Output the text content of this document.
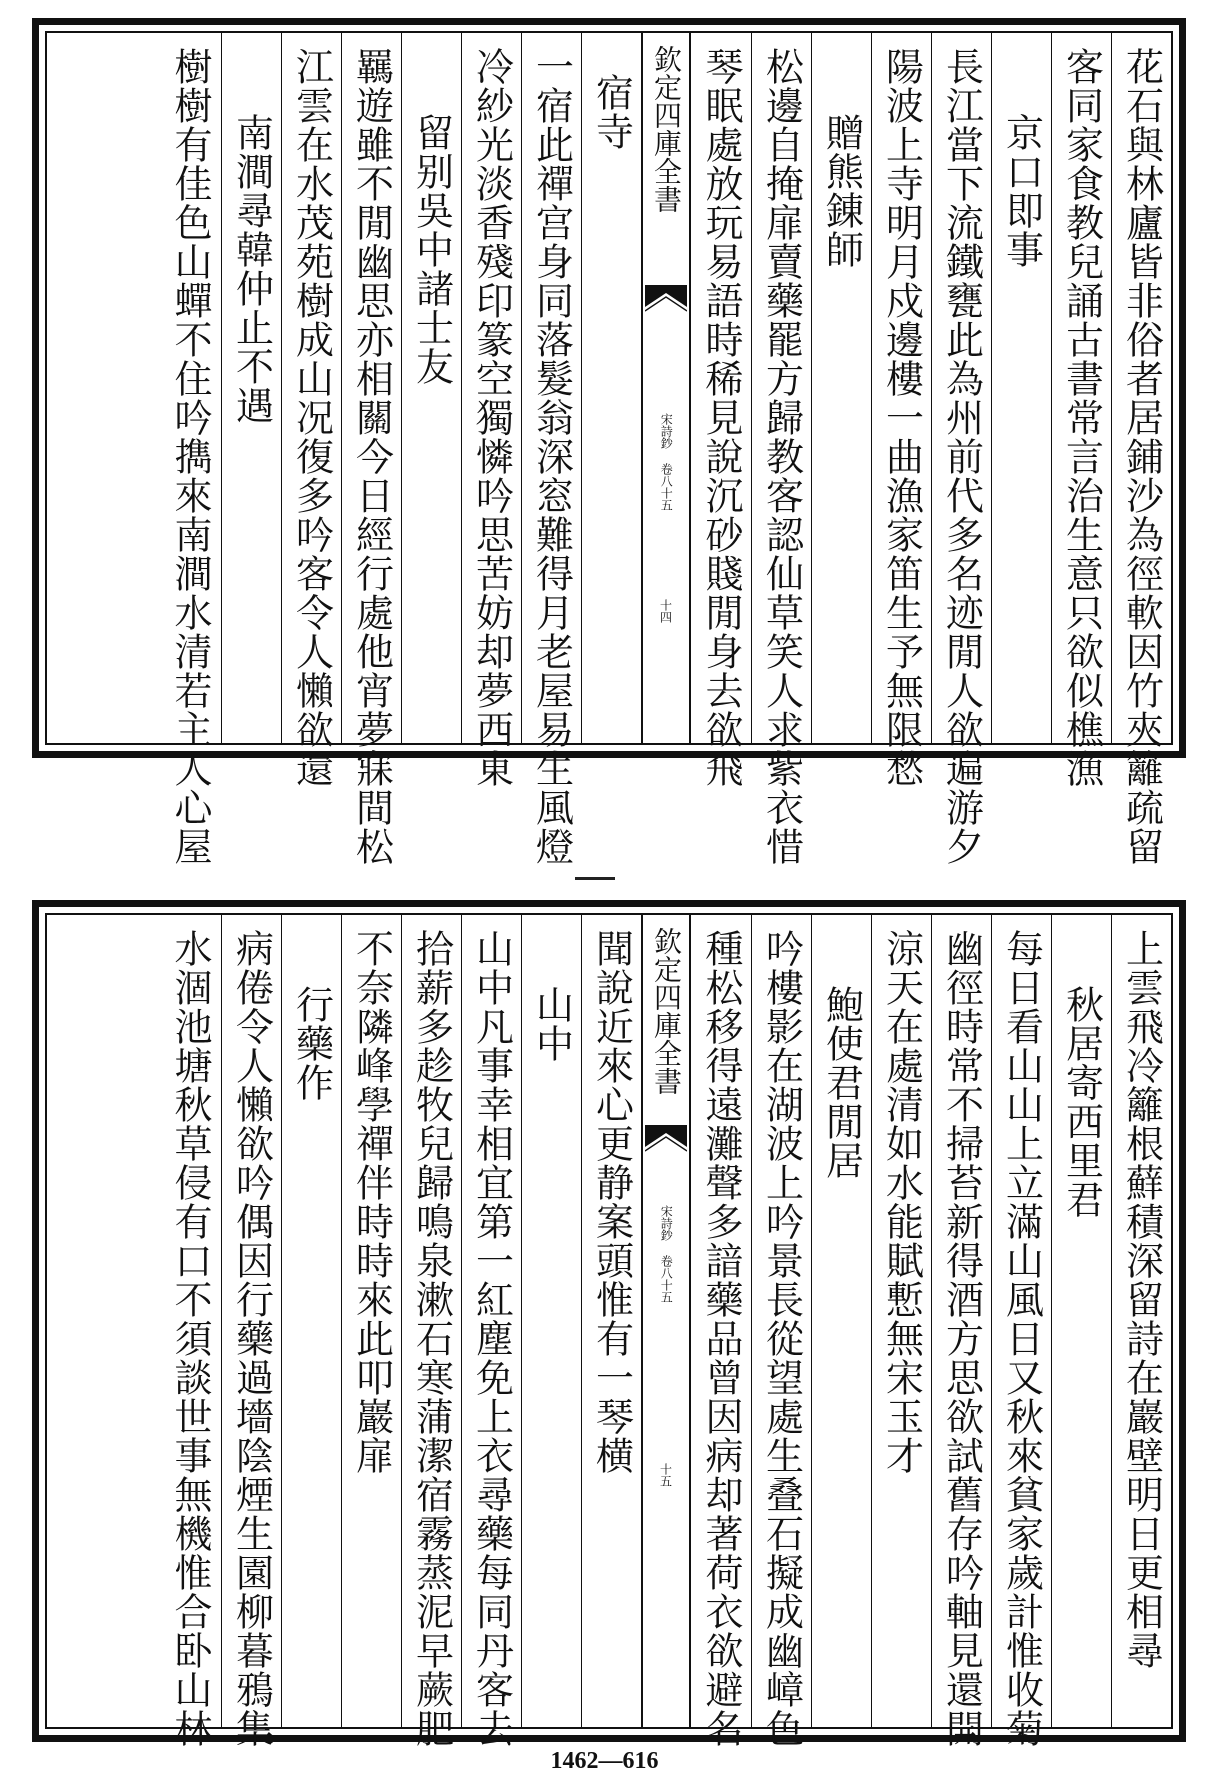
花石與林廬皆非俗者居鋪沙為徑軟因竹夾籬疏留
客同家食教兒誦古書常言治生意只欲似樵漁
京口即事
長江當下流鐵甕此為州前代多名迹閒人欲遍游夕
陽波上寺明月戍邊樓一曲漁家笛生予無限愁
贈熊錬師
松邊自掩扉賣藥罷方歸教客認仙草笑人求紫衣惜
琴眠處放玩易語時稀見說沉砂賤閒身去欲飛
欽定四庫全書
宋詩鈔 卷八十五
十四
宿寺
一宿此禪宫身同落髮翁深窓難得月老屋易生風燈
冷紗光淡香殘印篆空獨憐吟思苦妨却夢西東
留别吳中諸士友
羈遊雖不閒幽思亦相關今日經行處他宵夢寐間松
江雲在水茂苑樹成山况復多吟客令人懶欲還
南澗尋韓仲止不遇
樹樹有佳色山蟬不住吟擕來南澗水清若主人心屋
上雲飛冷籬根蘚積深留詩在巖壁明日更相尋
秋居寄西里君
每日看山山上立滿山風日又秋來貧家歲計惟收菊
幽徑時常不掃苔新得酒方思欲試舊存吟軸見還開
涼天在處清如水能賦慙無宋玉才
鮑使君閒居
吟樓影在湖波上吟景長從望處生叠石擬成幽嶂色
種松移得遠灘聲多諳藥品曾因病却著荷衣欲避名
欽定四庫全書
宋詩鈔 卷八十五
十五
聞說近來心更静案頭惟有一琴横
山中
山中凡事幸相宜第一紅塵免上衣尋藥每同丹客去
拾薪多趁牧兒歸鳴泉漱石寒蒲潔宿霧蒸泥早蕨肥
不奈隣峰學禪伴時時來此叩巖扉
行藥作
病倦令人懶欲吟偶因行藥過墻陰煙生園柳暮鴉集
水涸池塘秋草侵有口不須談世事無機惟合卧山林
1462—616
